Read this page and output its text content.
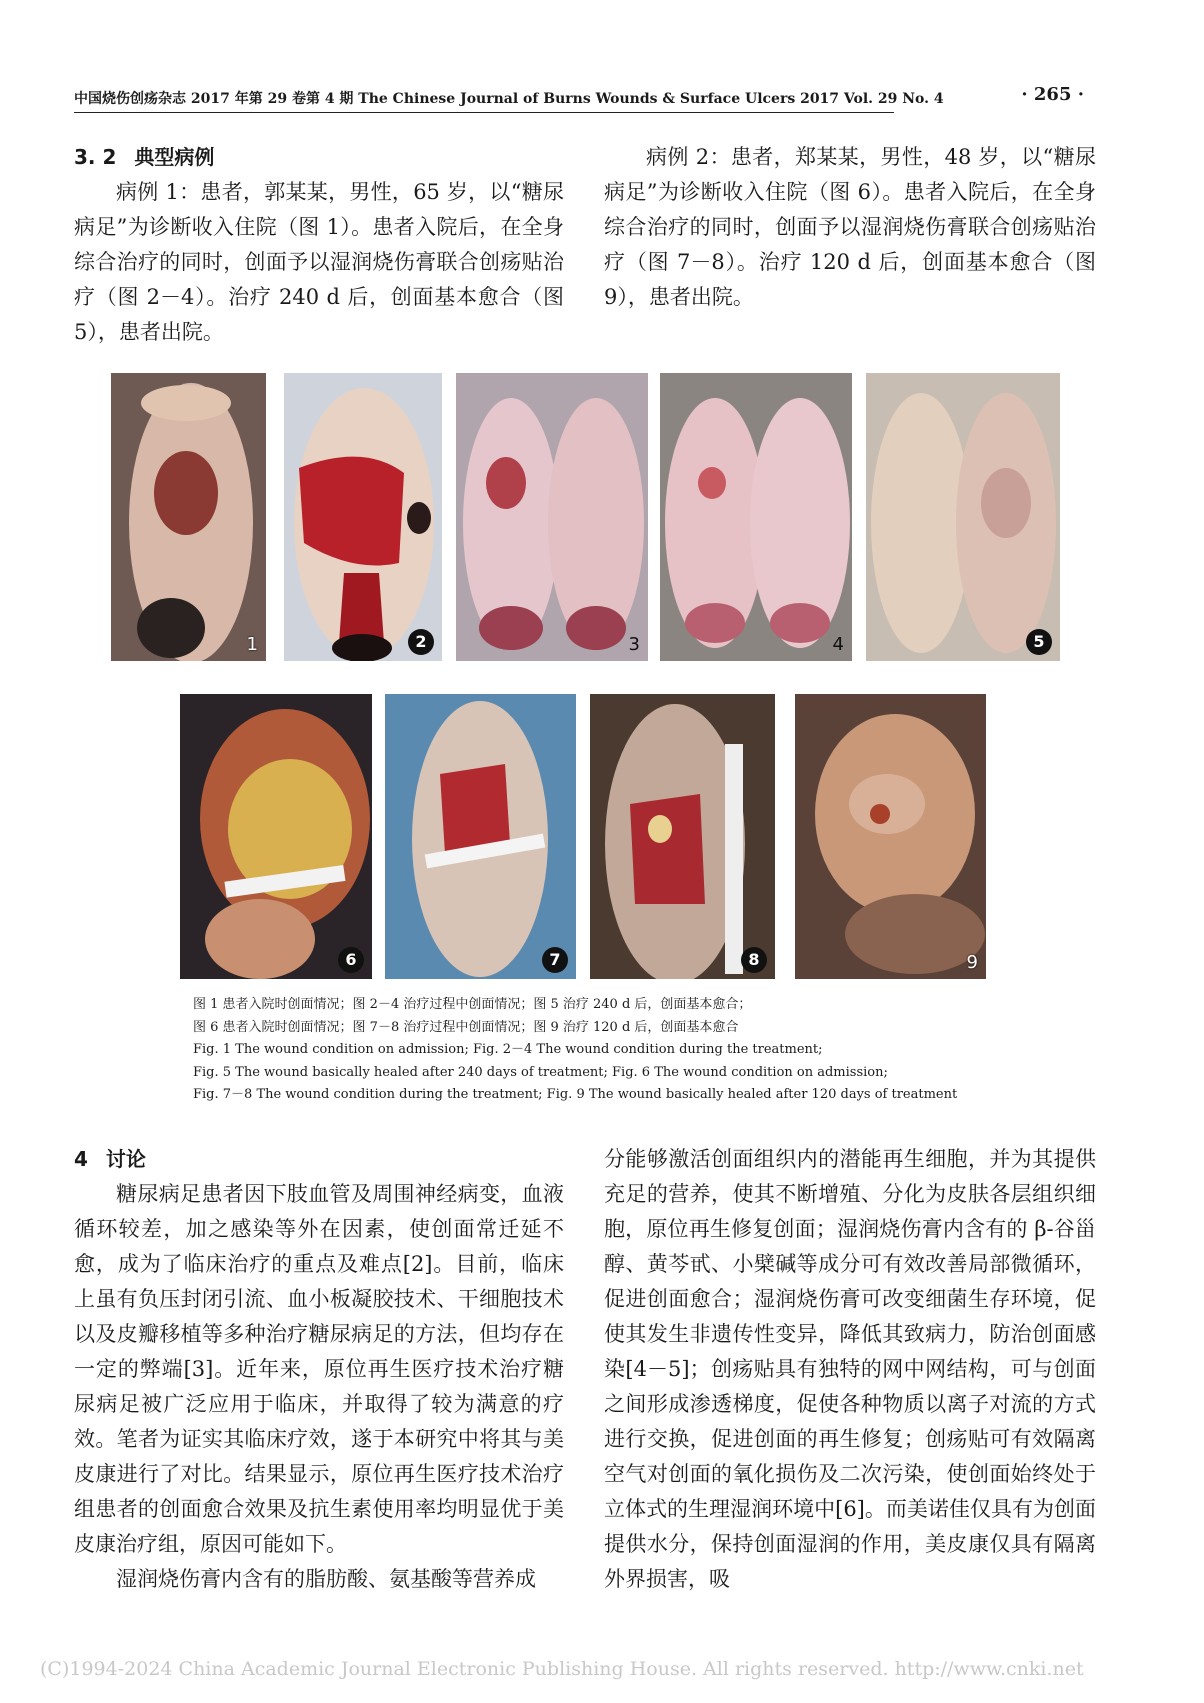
中国烧伤创疡杂志 2017 年第 29 卷第 4 期 The Chinese Journal of Burns Wounds & Surface Ulcers 2017 Vol. 29 No. 4	· 265 ·
3. 2 典型病例

病例 1：患者，郭某某，男性，65 岁，以“糖尿病足”为诊断收入住院（图 1）。患者入院后，在全身综合治疗的同时，创面予以湿润烧伤膏联合创疡贴治疗（图 2－4）。治疗 240 d 后，创面基本愈合（图 5），患者出院。

病例 2：患者，郑某某，男性，48 岁，以“糖尿病足”为诊断收入住院（图 6）。患者入院后，在全身综合治疗的同时，创面予以湿润烧伤膏联合创疡贴治疗（图 7－8）。治疗 120 d 后，创面基本愈合（图 9），患者出院。

1	2	3	4	5
6	7	8	9
图 1 患者入院时创面情况；图 2－4 治疗过程中创面情况；图 5 治疗 240 d 后，创面基本愈合；
图 6 患者入院时创面情况；图 7－8 治疗过程中创面情况；图 9 治疗 120 d 后，创面基本愈合
Fig. 1 The wound condition on admission; Fig. 2－4 The wound condition during the treatment;
Fig. 5 The wound basically healed after 240 days of treatment; Fig. 6 The wound condition on admission;
Fig. 7－8 The wound condition during the treatment; Fig. 9 The wound basically healed after 120 days of treatment
4 讨论

糖尿病足患者因下肢血管及周围神经病变，血液循环较差，加之感染等外在因素，使创面常迁延不愈，成为了临床治疗的重点及难点[2]。目前，临床上虽有负压封闭引流、血小板凝胶技术、干细胞技术以及皮瓣移植等多种治疗糖尿病足的方法，但均存在一定的弊端[3]。近年来，原位再生医疗技术治疗糖尿病足被广泛应用于临床，并取得了较为满意的疗效。笔者为证实其临床疗效，遂于本研究中将其与美皮康进行了对比。结果显示，原位再生医疗技术治疗组患者的创面愈合效果及抗生素使用率均明显优于美皮康治疗组，原因可能如下。

湿润烧伤膏内含有的脂肪酸、氨基酸等营养成

分能够激活创面组织内的潜能再生细胞，并为其提供充足的营养，使其不断增殖、分化为皮肤各层组织细胞，原位再生修复创面；湿润烧伤膏内含有的 β-谷甾醇、黄芩甙、小檗碱等成分可有效改善局部微循环，促进创面愈合；湿润烧伤膏可改变细菌生存环境，促使其发生非遗传性变异，降低其致病力，防治创面感染[4－5]；创疡贴具有独特的网中网结构，可与创面之间形成渗透梯度，促使各种物质以离子对流的方式进行交换，促进创面的再生修复；创疡贴可有效隔离空气对创面的氧化损伤及二次污染，使创面始终处于立体式的生理湿润环境中[6]。而美诺佳仅具有为创面提供水分，保持创面湿润的作用，美皮康仅具有隔离外界损害，吸

(C)1994-2024 China Academic Journal Electronic Publishing House. All rights reserved. http://www.cnki.net
